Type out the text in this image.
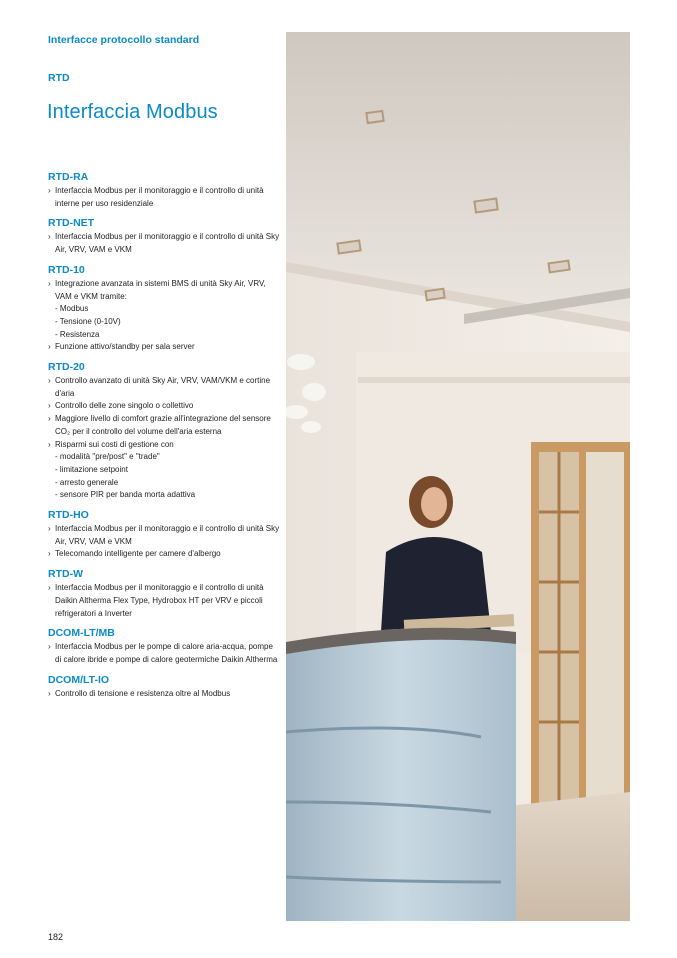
Interfacce protocollo standard
RTD
Interfaccia Modbus
RTD-RA
› Interfaccia Modbus per il monitoraggio e il controllo di unità interne per uso residenziale
RTD-NET
› Interfaccia Modbus per il monitoraggio e il controllo di unità Sky Air, VRV, VAM e VKM
RTD-10
› Integrazione avanzata in sistemi BMS di unità Sky Air, VRV, VAM e VKM tramite:
- Modbus
- Tensione (0-10V)
- Resistenza
› Funzione attivo/standby per sala server
RTD-20
› Controllo avanzato di unità Sky Air, VRV, VAM/VKM e cortine d'aria
› Controllo delle zone singolo o collettivo
› Maggiore livello di comfort grazie all'integrazione del sensore CO₂ per il controllo del volume dell'aria esterna
› Risparmi sui costi di gestione con
- modalità "pre/post" e "trade"
- limitazione setpoint
- arresto generale
- sensore PIR per banda morta adattiva
RTD-HO
› Interfaccia Modbus per il monitoraggio e il controllo di unità Sky Air, VRV, VAM e VKM
› Telecomando intelligente per camere d'albergo
RTD-W
› Interfaccia Modbus per il monitoraggio e il controllo di unità Daikin Altherma Flex Type, Hydrobox HT per VRV e piccoli refrigeratori a Inverter
DCOM-LT/MB
› Interfaccia Modbus per le pompe di calore aria-acqua, pompe di calore ibride e pompe di calore geotermiche Daikin Altherma
DCOM/LT-IO
› Controllo di tensione e resistenza oltre al Modbus
182
